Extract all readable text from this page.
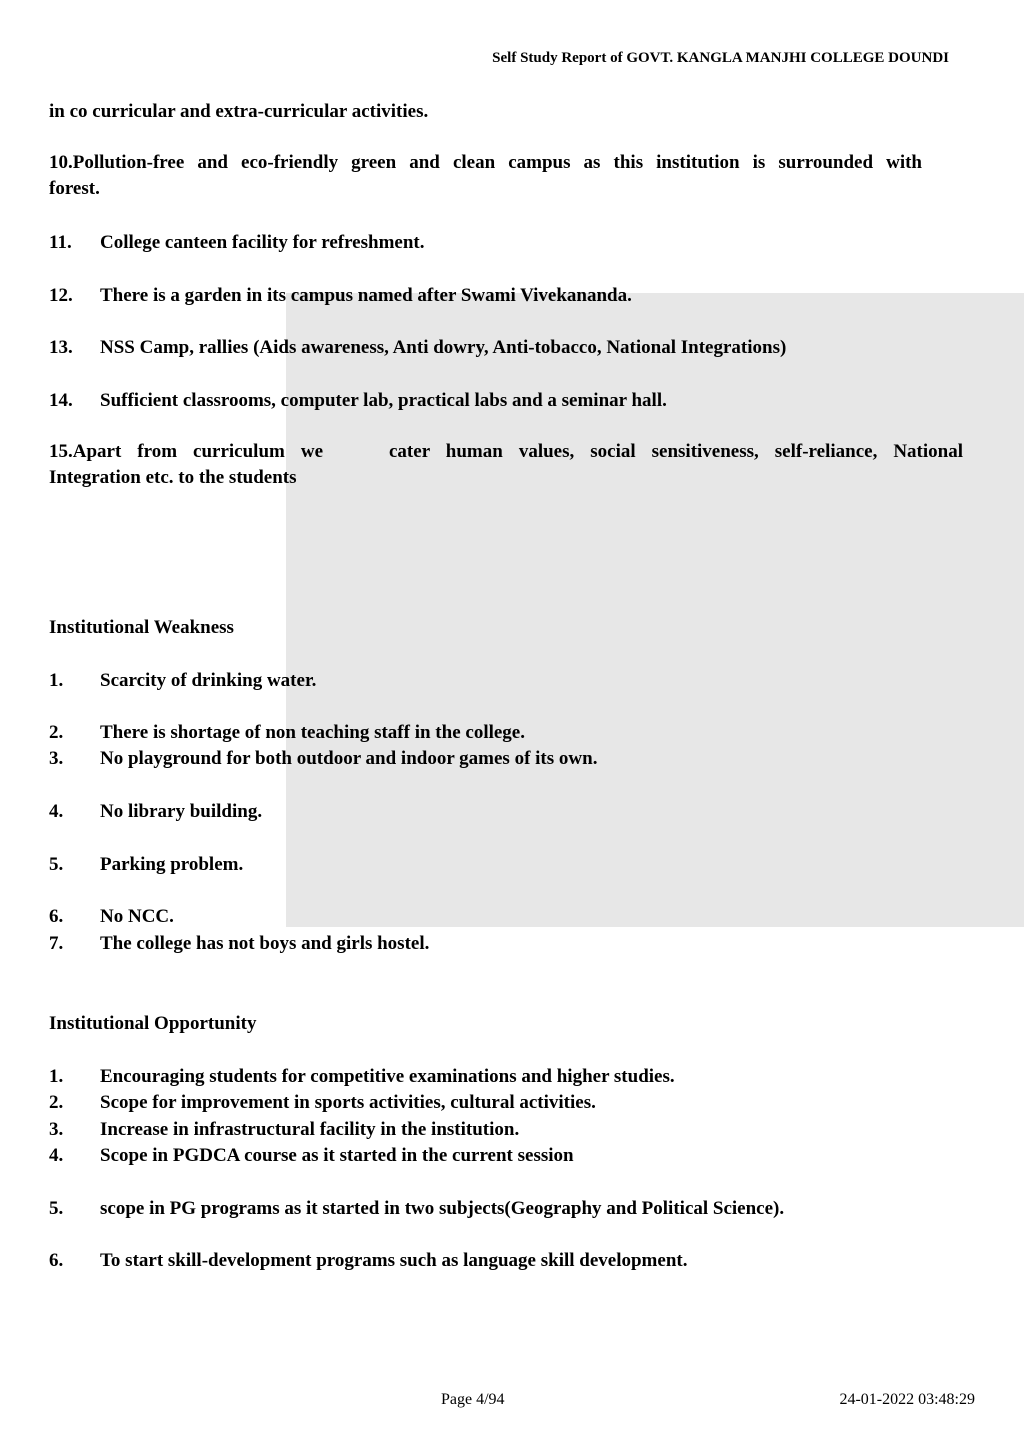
Self Study Report of GOVT. KANGLA MANJHI COLLEGE DOUNDI
in co curricular and extra-curricular activities.
10.Pollution-free and eco-friendly green and clean campus as this institution is surrounded with
forest.
11. College canteen facility for refreshment.
12. There is a garden in its campus named after Swami Vivekananda.
13. NSS Camp, rallies (Aids awareness, Anti dowry, Anti-tobacco, National Integrations)
14. Sufficient classrooms, computer lab, practical labs and a seminar hall.
15.Apart from curriculum we	cater human values, social sensitiveness, self-reliance, National
Integration etc. to the students
Institutional Weakness
1. Scarcity of drinking water.
2. There is shortage of non teaching staff in the college.
3. No playground for both outdoor and indoor games of its own.
4. No library building.
5. Parking problem.
6. No NCC.
7. The college has not boys and girls hostel.
Institutional Opportunity
1. Encouraging students for competitive examinations and higher studies.
2. Scope for improvement in sports activities, cultural activities.
3. Increase in infrastructural facility in the institution.
4. Scope in PGDCA course as it started in the current session
5. scope in PG programs as it started in two subjects(Geography and Political Science).
6. To start skill-development programs such as language skill development.
Page 4/94	24-01-2022 03:48:29
